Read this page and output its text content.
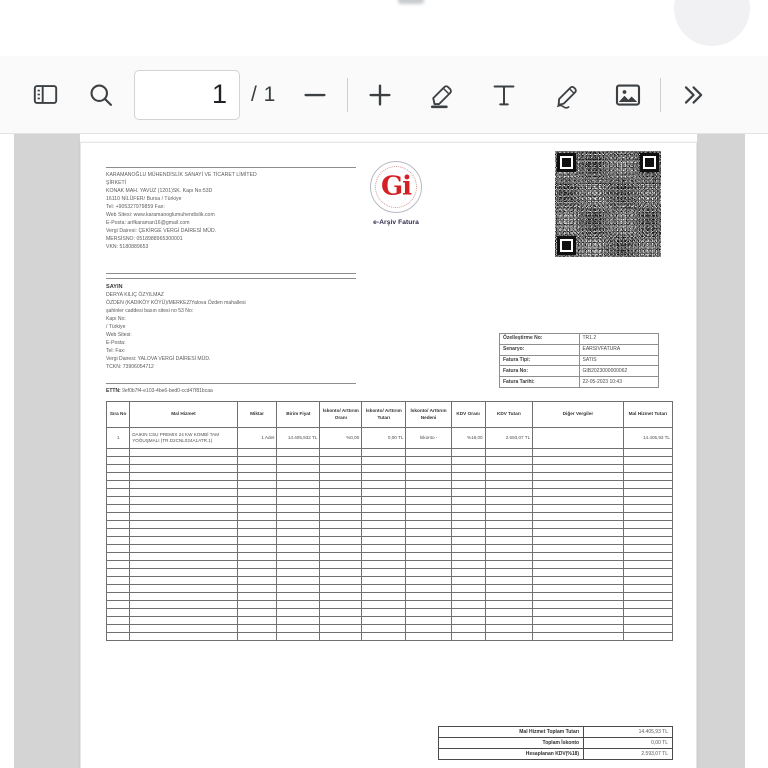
1 / 1
KARAMANOĞLU MÜHENDİSLİK SANAYİ VE TİCARET LİMİTED
ŞİRKETİ
KONAK MAH. YAVUZ (1201)SK. Kapı No:53D
16110 NİLÜFER/ Bursa / Türkiye
Tel: +905327979859 Fax:
Web Sitesi: www.karamanoglumuhendislik.com
E-Posta: arifkaraman16@gmail.com
Vergi Dairesi: ÇEKİRGE VERGİ DAİRESİ MÜD.
MERSİSNO: 0518988965300001
VKN: 5180889653
Gi
e-Arşiv Fatura
SAYIN
DERYA KILIÇ ÖZYILMAZ
ÖZDEN (KADIKÖY KÖYÜ)/MERKEZ/Yalova Özden mahallesi
şahinler caddesi basın sitesi no 53 No:
Kapı No:
/ Türkiye
Web Sitesi:
E-Posta:
Tel: Fax:
Vergi Dairesi: YALOVA VERGİ DAİRESİ MÜD.
TCKN: 73906054712
Özelleştirme No:	TR1.2
Senaryo:	EARSIVFATURA
Fatura Tipi:	SATIS
Fatura No:	GIB2023000000062
Fatura Tarihi:	22-05-2023 10:43
ETTN: 9ef0b7f4-e103-4be6-bed0-ccd47f81bcaa
Sıra No	Mal Hizmet	Miktar	Birim Fiyat	İskonto/ Arttırım Oranı	İskonto/ Arttırım Tutarı	İskonto/ Arttırım Nedeni	KDV Oranı	KDV Tutarı	Diğer Vergiler	Mal Hizmet Tutarı
1	DAIKIN CSU PREMIX 24 KW KOMBİ TAM YOĞUŞMALI (TR.D2CNL024A1ATR.1)	1 Adet	14.405,932 TL	%0,00	0,00 TL	İskonto -	%18,00	2.593,07 TL		14.405,93 TL

Mal Hizmet Toplam Tutarı	14.405,93 TL
Toplam İskonto	0,00 TL
Hesaplanan KDV(%18)	2.593,07 TL
